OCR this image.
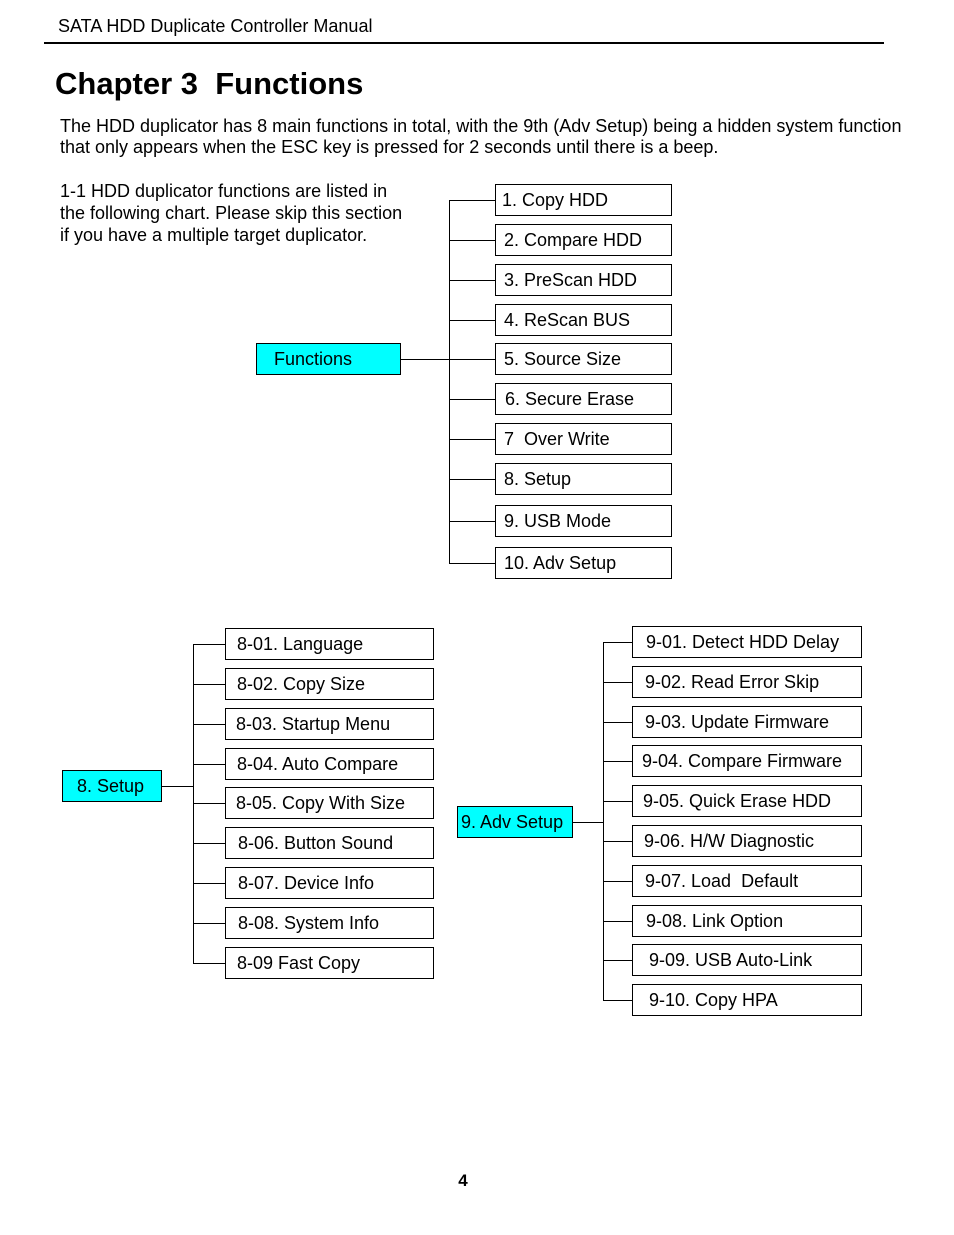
SATA HDD Duplicate Controller Manual
Chapter 3  Functions
The HDD duplicator has 8 main functions in total, with the 9th (Adv Setup) being a hidden system function that only appears when the ESC key is pressed for 2 seconds until there is a beep.
1-1 HDD duplicator functions are listed in the following chart. Please skip this section if you have a multiple target duplicator.
Functions
1. Copy HDD
2. Compare HDD
3. PreScan HDD
4. ReScan BUS
5. Source Size
6. Secure Erase
7  Over Write
8. Setup
9. USB Mode
10. Adv Setup
8. Setup
8-01. Language
8-02. Copy Size
8-03. Startup Menu
8-04. Auto Compare
8-05. Copy With Size
8-06. Button Sound
8-07. Device Info
8-08. System Info
8-09 Fast Copy
9. Adv Setup
9-01. Detect HDD Delay
9-02. Read Error Skip
9-03. Update Firmware
9-04. Compare Firmware
9-05. Quick Erase HDD
9-06. H/W Diagnostic
9-07. Load  Default
9-08. Link Option
9-09. USB Auto-Link
9-10. Copy HPA
4
